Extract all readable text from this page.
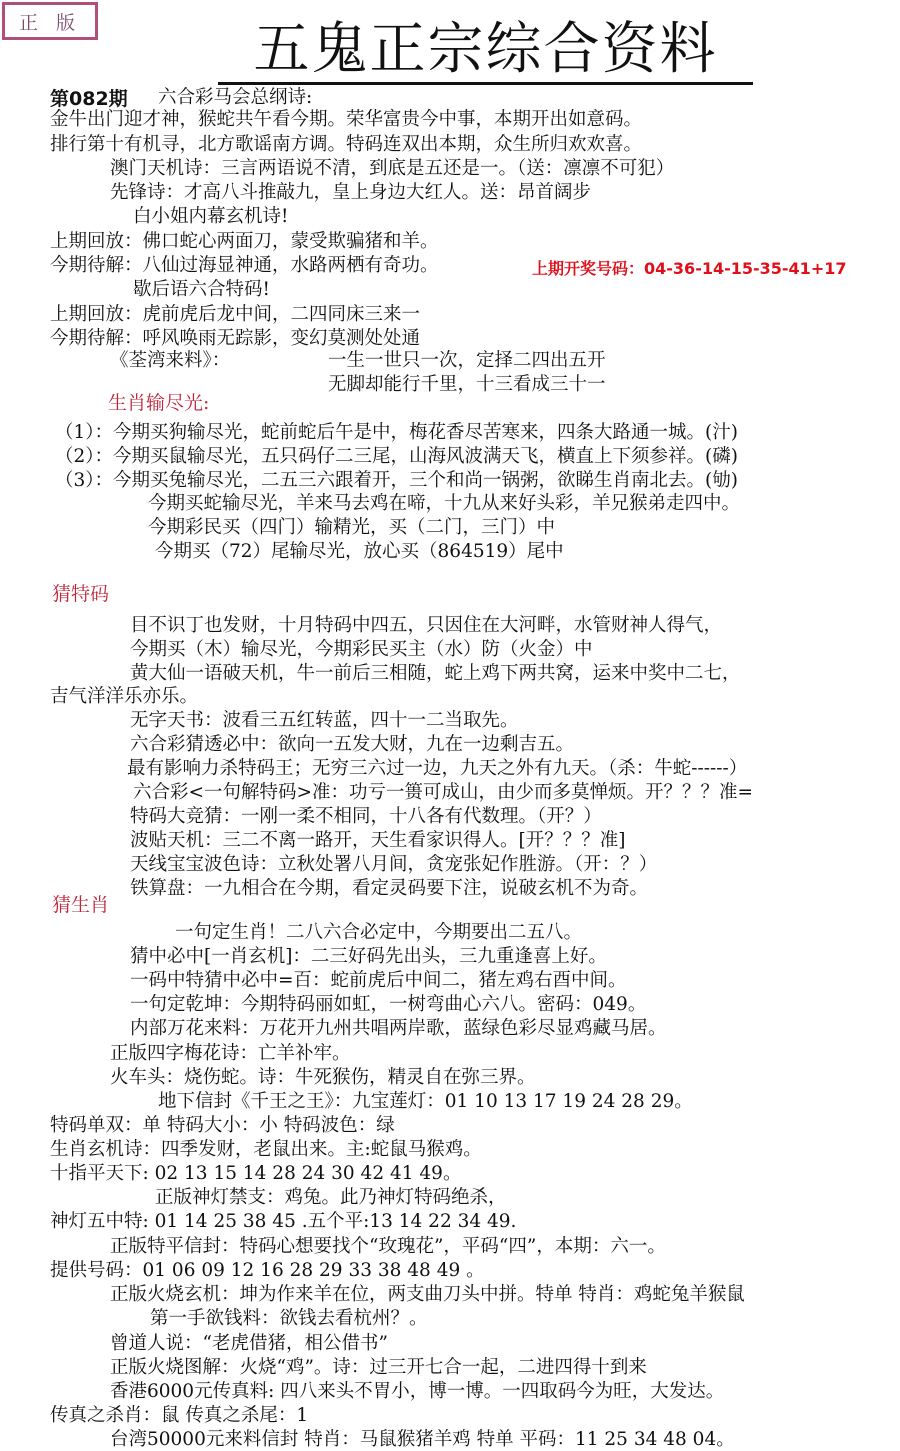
正 版	五鬼正宗综合资料
第082期
上期开奖号码：04-36-14-15-35-41+17
六合彩马会总纲诗:
金牛出门迎才神，猴蛇共午看今期。荣华富贵今中事，本期开出如意码。
排行第十有机寻，北方歌谣南方调。特码连双出本期，众生所归欢欢喜。
澳门天机诗：三言两语说不清，到底是五还是一。（送：凛凛不可犯）
先锋诗：才高八斗推敲九，皇上身边大红人。送：昂首阔步
白小姐内幕玄机诗!
上期回放：佛口蛇心两面刀，蒙受欺骗猪和羊。
今期待解：八仙过海显神通，水路两栖有奇功。
歇后语六合特码!
上期回放：虎前虎后龙中间，二四同床三来一
今期待解：呼风唤雨无踪影，变幻莫测处处通
《荃湾来料》：	一生一世只一次，定择二四出五开
无脚却能行千里，十三看成三十一
生肖输尽光:
（1）：今期买狗输尽光，蛇前蛇后午是中，梅花香尽苦寒来，四条大路通一城。(汁)
（2）：今期买鼠输尽光，五只码仔二三尾，山海风波满天飞，横直上下须参祥。(磷)
（3）：今期买兔输尽光，二五三六跟着开，三个和尚一锅粥，欲睇生肖南北去。(劬)
今期买蛇输尽光，羊来马去鸡在啼，十九从来好头彩，羊兄猴弟走四中。
今期彩民买（四门）输精光，买（二门，三门）中
今期买（72）尾输尽光，放心买（864519）尾中
猜特码
目不识丁也发财，十月特码中四五，只因住在大河畔，水管财神人得气，
今期买（木）输尽光，今期彩民买主（水）防（火金）中
黄大仙一语破天机，牛一前后三相随，蛇上鸡下两共窝，运来中奖中二七，
吉气洋洋乐亦乐。
无字天书：波看三五红转蓝，四十一二当取先。
六合彩猜透必中：欲向一五发大财，九在一边剩吉五。
最有影响力杀特码王；无穷三六过一边，九天之外有九天。（杀：牛蛇------）
六合彩<一句解特码>准：功亏一篑可成山，由少而多莫惮烦。开？？？准=
特码大竞猜：一刚一柔不相同，十八各有代数理。（开？）
波贴天机：三二不离一路开，天生看家识得人。[开？？？准]
天线宝宝波色诗：立秋处署八月间，贪宠张妃作胜游。（开：？）
铁算盘：一九相合在今期，看定灵码要下注，说破玄机不为奇。
猜生肖
一句定生肖！二八六合必定中，今期要出二五八。
猜中必中[一肖玄机]：二三好码先出头，三九重逢喜上好。
一码中特猜中必中=百：蛇前虎后中间二，猪左鸡右酉中间。
一句定乾坤：今期特码丽如虹，一树弯曲心六八。密码：049。
内部万花来料：万花开九州共唱两岸歌，蓝绿色彩尽显鸡藏马居。
正版四字梅花诗：亡羊补牢。
火车头：烧伤蛇。诗：牛死猴伤，精灵自在弥三界。
地下信封《千王之王》：九宝莲灯：01 10 13 17 19 24 28 29。
特码单双：单 特码大小：小 特码波色：绿
生肖玄机诗：四季发财，老鼠出来。主:蛇鼠马猴鸡。
十指平天下: 02 13 15 14 28 24 30 42 41 49。
正版神灯禁支：鸡兔。此乃神灯特码绝杀，
神灯五中特: 01 14 25 38 45 .五个平:13 14 22 34 49.
正版特平信封：特码心想要找个“玫瑰花”，平码“四”，本期：六一。
提供号码：01 06 09 12 16 28 29 33 38 48 49 。
正版火烧玄机：坤为作来羊在位，两支曲刀头中拼。特单 特肖：鸡蛇兔羊猴鼠
第一手欲钱料：欲钱去看杭州？。
曾道人说：“老虎借猪，相公借书”
正版火烧图解：火烧“鸡”。诗：过三开七合一起，二进四得十到来
香港6000元传真料: 四八来头不胃小，博一博。一四取码今为旺，大发达。
传真之杀肖：鼠 传真之杀尾：1
台湾50000元来料信封 特肖：马鼠猴猪羊鸡 特单 平码：11 25 34 48 04。
